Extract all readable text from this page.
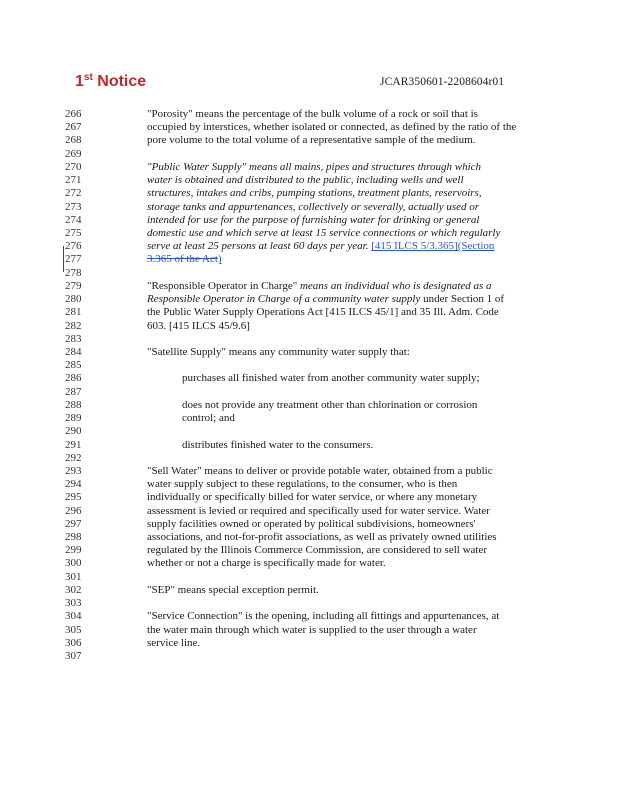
1st Notice	JCAR350601-2208604r01
266	"Porosity" means the percentage of the bulk volume of a rock or soil that is
267	occupied by interstices, whether isolated or connected, as defined by the ratio of the
268	pore volume to the total volume of a representative sample of the medium.
269
270	"Public Water Supply" means all mains, pipes and structures through which
271	water is obtained and distributed to the public, including wells and well
272	structures, intakes and cribs, pumping stations, treatment plants, reservoirs,
273	storage tanks and appurtenances, collectively or severally, actually used or
274	intended for use for the purpose of furnishing water for drinking or general
275	domestic use and which serve at least 15 service connections or which regularly
276	serve at least 25 persons at least 60 days per year. [415 ILCS 5/3.365](Section
277	3.365 of the Act)
278
279	"Responsible Operator in Charge" means an individual who is designated as a
280	Responsible Operator in Charge of a community water supply under Section 1 of
281	the Public Water Supply Operations Act [415 ILCS 45/1] and 35 Ill. Adm. Code
282	603. [415 ILCS 45/9.6]
283
284	"Satellite Supply" means any community water supply that:
285
286	purchases all finished water from another community water supply;
287
288	does not provide any treatment other than chlorination or corrosion
289	control; and
290
291	distributes finished water to the consumers.
292
293	"Sell Water" means to deliver or provide potable water, obtained from a public
294	water supply subject to these regulations, to the consumer, who is then
295	individually or specifically billed for water service, or where any monetary
296	assessment is levied or required and specifically used for water service. Water
297	supply facilities owned or operated by political subdivisions, homeowners'
298	associations, and not-for-profit associations, as well as privately owned utilities
299	regulated by the Illinois Commerce Commission, are considered to sell water
300	whether or not a charge is specifically made for water.
301
302	"SEP" means special exception permit.
303
304	"Service Connection" is the opening, including all fittings and appurtenances, at
305	the water main through which water is supplied to the user through a water
306	service line.
307
